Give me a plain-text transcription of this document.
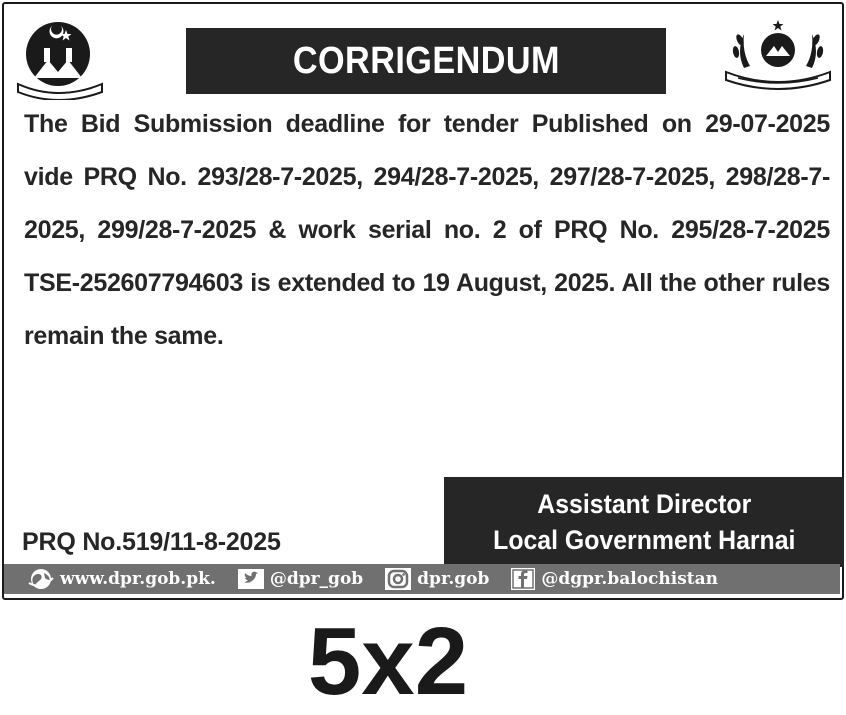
CORRIGENDUM

The Bid Submission deadline for tender Published on 29-07-2025 vide PRQ No. 293/28-7-2025, 294/28-7-2025, 297/28-7-2025, 298/28-7-2025, 299/28-7-2025 & work serial no. 2 of PRQ No. 295/28-7-2025 TSE-252607794603 is extended to 19 August, 2025. All the other rules remain the same.

PRQ No.519/11-8-2025
Assistant Director
Local Government Harnai
www.dpr.gob.pk.	@dpr_gob	dpr.gob	@dgpr.balochistan
5x2
